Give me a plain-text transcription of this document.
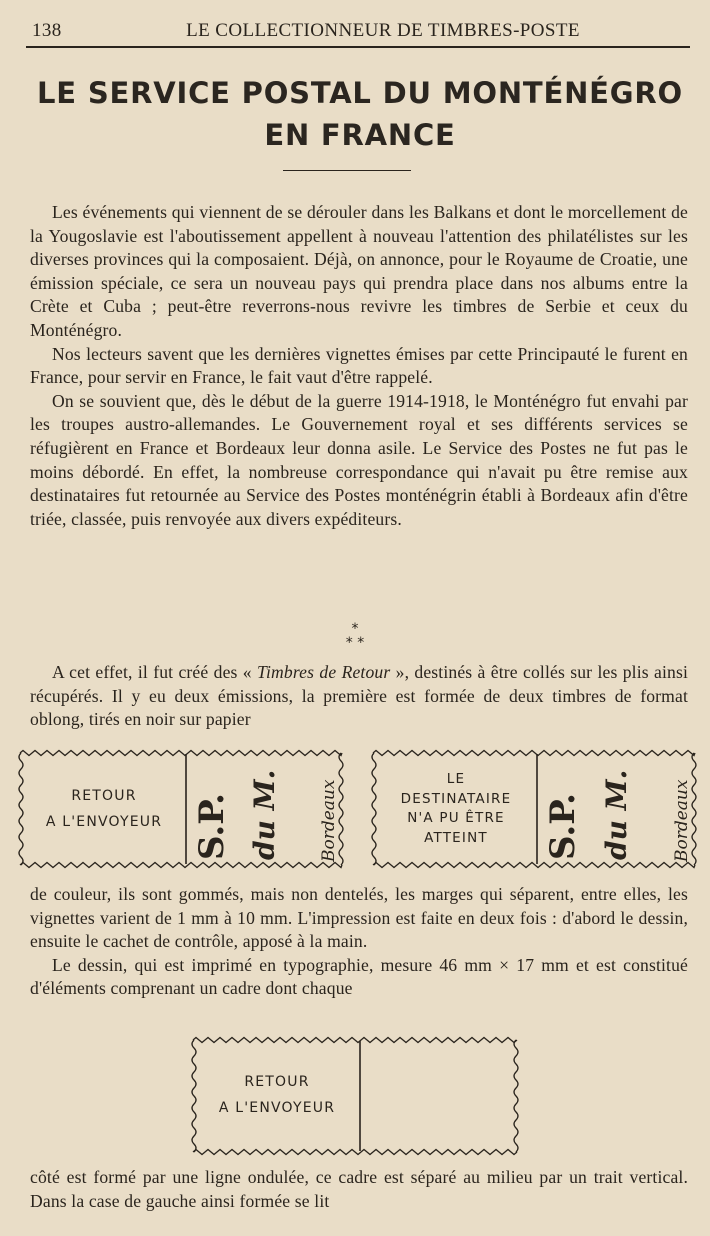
138	LE COLLECTIONNEUR DE TIMBRES-POSTE
LE SERVICE POSTAL DU MONTÉNÉGRO
EN FRANCE

Les événements qui viennent de se dérouler dans les Balkans et dont le morcellement de la Yougoslavie est l'aboutissement appellent à nouveau l'attention des philatélistes sur les diverses provinces qui la composaient. Déjà, on annonce, pour le Royaume de Croatie, une émission spéciale, ce sera un nouveau pays qui prendra place dans nos albums entre la Crète et Cuba ; peut-être reverrons-nous revivre les timbres de Serbie et ceux du Monténégro.

Nos lecteurs savent que les dernières vignettes émises par cette Principauté le furent en France, pour servir en France, le fait vaut d'être rappelé.

On se souvient que, dès le début de la guerre 1914-1918, le Monténégro fut envahi par les troupes austro-allemandes. Le Gouvernement royal et ses différents services se réfugièrent en France et Bordeaux leur donna asile. Le Service des Postes ne fut pas le moins débordé. En effet, la nombreuse correspondance qui n'avait pu être remise aux destinataires fut retournée au Service des Postes monténégrin établi à Bordeaux afin d'être triée, classée, puis renvoyée aux divers expéditeurs.

*
* *

A cet effet, il fut créé des « Timbres de Retour », destinés à être collés sur les plis ainsi récupérés. Il y eu deux émissions, la première est formée de deux timbres de format oblong, tirés en noir sur papier

S.P. du M. Bordeaux
RETOUR
A L'ENVOYEUR	S.P. du M. Bordeaux
LE
DESTINATAIRE
N'A PU ÊTRE
ATTEINT

de couleur, ils sont gommés, mais non dentelés, les marges qui séparent, entre elles, les vignettes varient de 1 mm à 10 mm. L'impression est faite en deux fois : d'abord le dessin, ensuite le cachet de contrôle, apposé à la main.

Le dessin, qui est imprimé en typographie, mesure 46 mm × 17 mm et est constitué d'éléments comprenant un cadre dont chaque

RETOUR
A L'ENVOYEUR

côté est formé par une ligne ondulée, ce cadre est séparé au milieu par un trait vertical. Dans la case de gauche ainsi formée se lit
